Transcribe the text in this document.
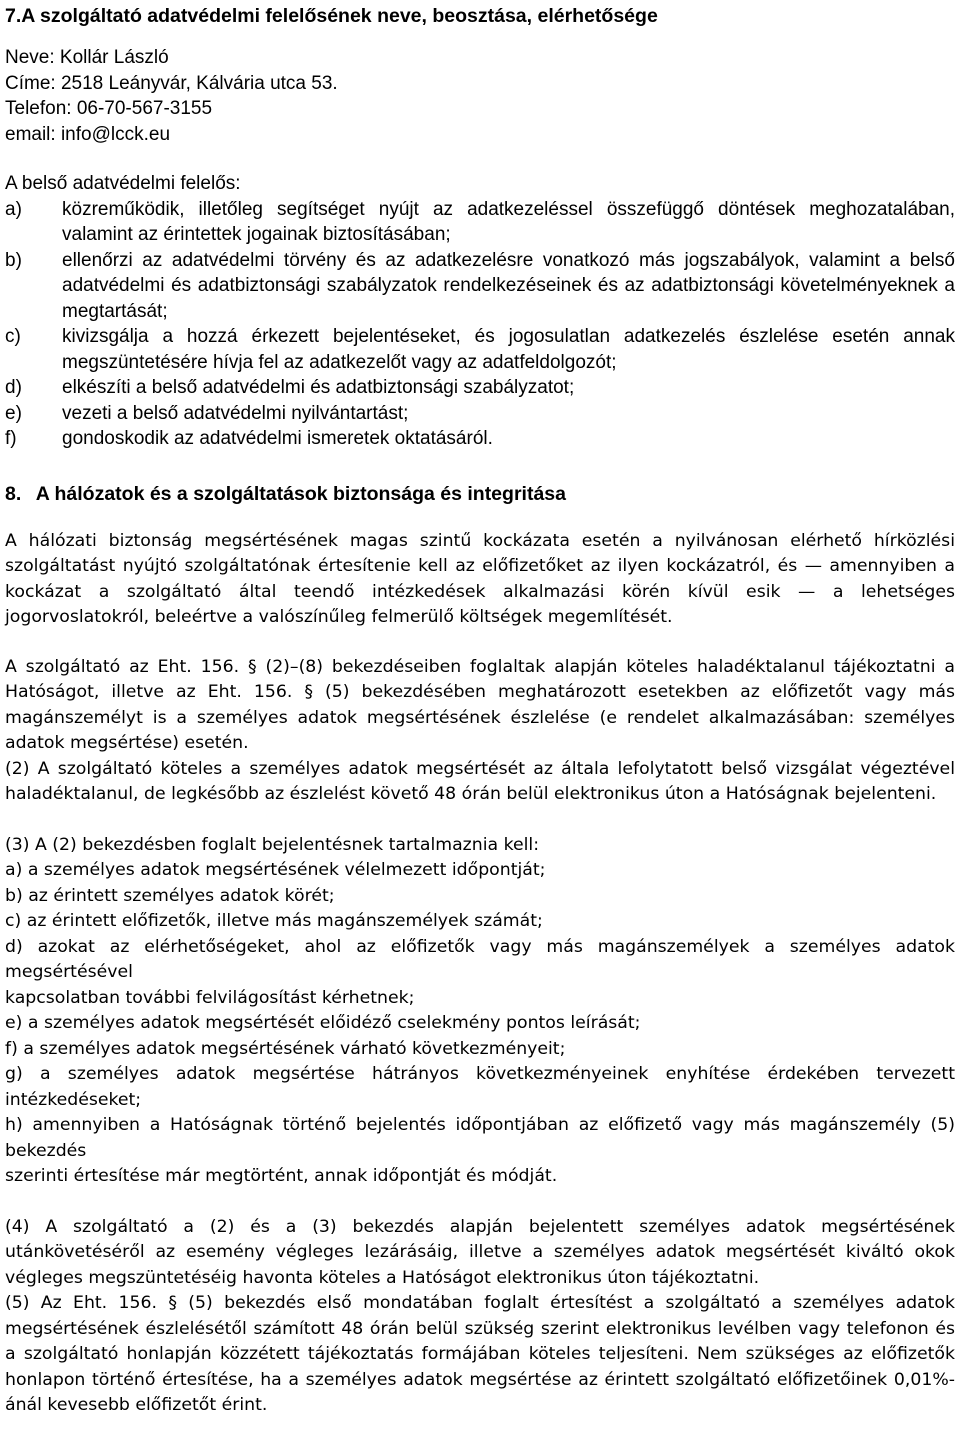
7.A szolgáltató adatvédelmi felelősének neve, beosztása, elérhetősége
Neve: Kollár László
Címe: 2518 Leányvár, Kálvária utca 53.
Telefon: 06-70-567-3155
email: info@lcck.eu
A belső adatvédelmi felelős:
a)	közreműködik, illetőleg segítséget nyújt az adatkezeléssel összefüggő döntések meghozatalában, valamint az érintettek jogainak biztosításában;
b)	ellenőrzi az adatvédelmi törvény és az adatkezelésre vonatkozó más jogszabályok, valamint a belső adatvédelmi és adatbiztonsági szabályzatok rendelkezéseinek és az adatbiztonsági követelményeknek a megtartását;
c)	kivizsgálja a hozzá érkezett bejelentéseket, és jogosulatlan adatkezelés észlelése esetén annak megszüntetésére hívja fel az adatkezelőt vagy az adatfeldolgozót;
d)	elkészíti a belső adatvédelmi és adatbiztonsági szabályzatot;
e)	vezeti a belső adatvédelmi nyilvántartást;
f)	gondoskodik az adatvédelmi ismeretek oktatásáról.
8. A hálózatok és a szolgáltatások biztonsága és integritása

A hálózati biztonság megsértésének magas szintű kockázata esetén a nyilvánosan elérhető hírközlési szolgáltatást nyújtó szolgáltatónak értesítenie kell az előfizetőket az ilyen kockázatról, és — amennyiben a kockázat a szolgáltató által teendő intézkedések alkalmazási körén kívül esik — a lehetséges jogorvoslatokról, beleértve a valószínűleg felmerülő költségek megemlítését.

A szolgáltató az Eht. 156. § (2)–(8) bekezdéseiben foglaltak alapján köteles haladéktalanul tájékoztatni a Hatóságot, illetve az Eht. 156. § (5) bekezdésében meghatározott esetekben az előfizetőt vagy más magánszemélyt is a személyes adatok megsértésének észlelése (e rendelet alkalmazásában: személyes adatok megsértése) esetén.

(2) A szolgáltató köteles a személyes adatok megsértését az általa lefolytatott belső vizsgálat végeztével haladéktalanul, de legkésőbb az észlelést követő 48 órán belül elektronikus úton a Hatóságnak bejelenteni.

(3) A (2) bekezdésben foglalt bejelentésnek tartalmaznia kell:

a) a személyes adatok megsértésének vélelmezett időpontját;

b) az érintett személyes adatok körét;

c) az érintett előfizetők, illetve más magánszemélyek számát;

d) azokat az elérhetőségeket, ahol az előfizetők vagy más magánszemélyek a személyes adatok megsértésével

kapcsolatban további felvilágosítást kérhetnek;

e) a személyes adatok megsértését előidéző cselekmény pontos leírását;

f) a személyes adatok megsértésének várható következményeit;

g) a személyes adatok megsértése hátrányos következményeinek enyhítése érdekében tervezett intézkedéseket;

h) amennyiben a Hatóságnak történő bejelentés időpontjában az előfizető vagy más magánszemély (5) bekezdés

szerinti értesítése már megtörtént, annak időpontját és módját.

(4) A szolgáltató a (2) és a (3) bekezdés alapján bejelentett személyes adatok megsértésének utánkövetéséről az esemény végleges lezárásáig, illetve a személyes adatok megsértését kiváltó okok végleges megszüntetéséig havonta köteles a Hatóságot elektronikus úton tájékoztatni.

(5) Az Eht. 156. § (5) bekezdés első mondatában foglalt értesítést a szolgáltató a személyes adatok megsértésének észlelésétől számított 48 órán belül szükség szerint elektronikus levélben vagy telefonon és a szolgáltató honlapján közzétett tájékoztatás formájában köteles teljesíteni. Nem szükséges az előfizetők honlapon történő értesítése, ha a személyes adatok megsértése az érintett szolgáltató előfizetőinek 0,01%-ánál kevesebb előfizetőt érint.
